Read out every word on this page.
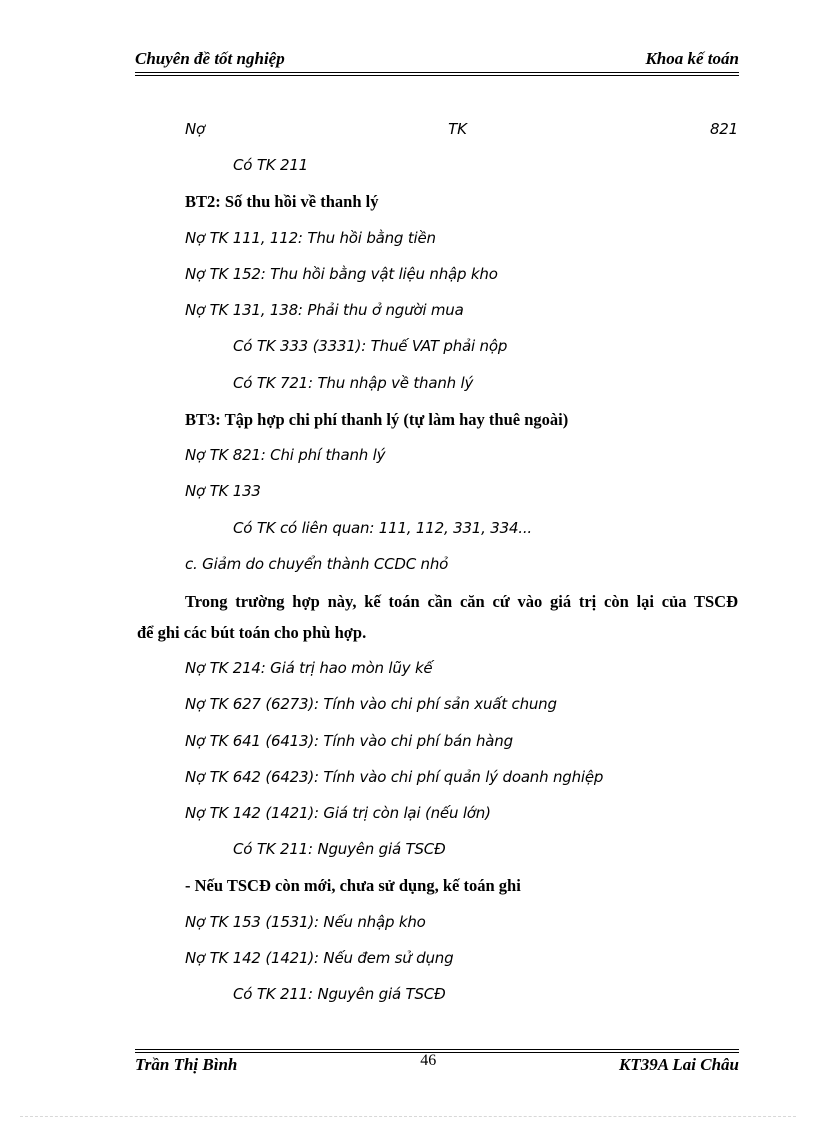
Chuyên đề tốt nghiệp	Khoa kế toán
Nợ	TK	821
Có TK 211
BT2: Số thu hồi về thanh lý
Nợ TK 111, 112: Thu hồi bằng tiền
Nợ TK 152: Thu hồi bằng vật liệu nhập kho
Nợ TK 131, 138: Phải thu ở người mua
Có TK 333 (3331): Thuế VAT phải nộp
Có TK 721: Thu nhập về thanh lý
BT3: Tập hợp chi phí thanh lý (tự làm hay thuê ngoài)
Nợ TK 821: Chi phí thanh lý
Nợ TK 133
Có TK có liên quan: 111, 112, 331, 334...
c. Giảm do chuyển thành CCDC nhỏ
Trong trường hợp này, kế toán cần căn cứ vào giá trị còn lại của TSCĐ
để ghi các bút toán cho phù hợp.
Nợ TK 214: Giá trị hao mòn lũy kế
Nợ TK 627 (6273): Tính vào chi phí sản xuất chung
Nợ TK 641 (6413): Tính vào chi phí bán hàng
Nợ TK 642 (6423): Tính vào chi phí quản lý doanh nghiệp
Nợ TK 142 (1421): Giá trị còn lại (nếu lớn)
Có TK 211: Nguyên giá TSCĐ
- Nếu TSCĐ còn mới, chưa sử dụng, kế toán ghi
Nợ TK 153 (1531): Nếu nhập kho
Nợ TK 142 (1421): Nếu đem sử dụng
Có TK 211: Nguyên giá TSCĐ
Trần Thị Bình	46	KT39A Lai Châu
